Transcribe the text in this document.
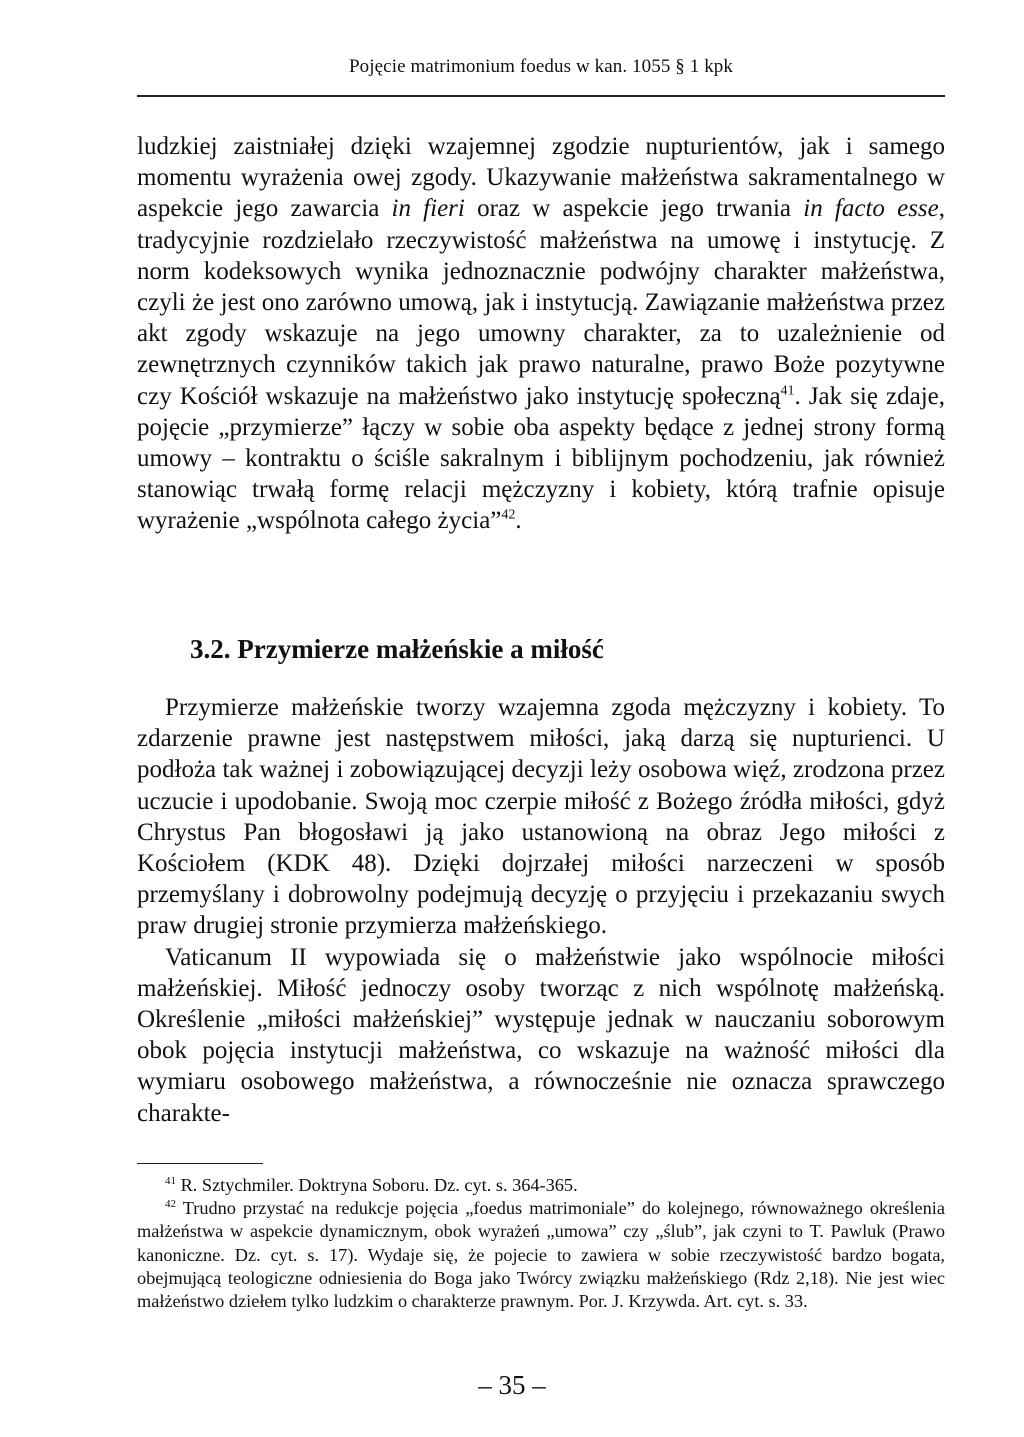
Pojęcie matrimonium foedus w kan. 1055 § 1 kpk

ludzkiej zaistniałej dzięki wzajemnej zgodzie nupturientów, jak i samego momentu wyrażenia owej zgody. Ukazywanie małżeństwa sakramentalnego w aspekcie jego zawarcia in fieri oraz w aspekcie jego trwania in facto esse, tradycyjnie rozdzielało rzeczywistość małżeństwa na umowę i instytucję. Z norm kodeksowych wynika jednoznacznie podwójny charakter małżeństwa, czyli że jest ono zarówno umową, jak i instytucją. Zawiązanie małżeństwa przez akt zgody wskazuje na jego umowny charakter, za to uzależnienie od zewnętrznych czynników takich jak prawo naturalne, prawo Boże pozytywne czy Kościół wskazuje na małżeństwo jako instytucję społeczną$^{41}$. Jak się zdaje, pojęcie „przymierze” łączy w sobie oba aspekty będące z jednej strony formą umowy – kontraktu o ściśle sakralnym i biblijnym pochodzeniu, jak również stanowiąc trwałą formę relacji mężczyzny i kobiety, którą trafnie opisuje wyrażenie „wspólnota całego życia”$^{42}$.

3.2. Przymierze małżeńskie a miłość

Przymierze małżeńskie tworzy wzajemna zgoda mężczyzny i kobiety. To zdarzenie prawne jest następstwem miłości, jaką darzą się nupturienci. U podłoża tak ważnej i zobowiązującej decyzji leży osobowa więź, zrodzona przez uczucie i upodobanie. Swoją moc czerpie miłość z Bożego źródła miłości, gdyż Chrystus Pan błogosławi ją jako ustanowioną na obraz Jego miłości z Kościołem (KDK 48). Dzięki dojrzałej miłości narzeczeni w sposób przemyślany i dobrowolny podejmują decyzję o przyjęciu i przekazaniu swych praw drugiej stronie przymierza małżeńskiego.

Vaticanum II wypowiada się o małżeństwie jako wspólnocie miłości małżeńskiej. Miłość jednoczy osoby tworząc z nich wspólnotę małżeńską. Określenie „miłości małżeńskiej” występuje jednak w nauczaniu soborowym obok pojęcia instytucji małżeństwa, co wskazuje na ważność miłości dla wymiaru osobowego małżeństwa, a równocześnie nie oznacza sprawczego charakte-

$^{41}$ R. Sztychmiler. Doktryna Soboru. Dz. cyt. s. 364-365.

$^{42}$ Trudno przystać na redukcje pojęcia „foedus matrimoniale” do kolejnego, równoważnego określenia małżeństwa w aspekcie dynamicznym, obok wyrażeń „umowa” czy „ślub”, jak czyni to T. Pawluk (Prawo kanoniczne. Dz. cyt. s. 17). Wydaje się, że pojecie to zawiera w sobie rzeczywistość bardzo bogata, obejmującą teologiczne odniesienia do Boga jako Twórcy związku małżeńskiego (Rdz 2,18). Nie jest wiec małżeństwo dziełem tylko ludzkim o charakterze prawnym. Por. J. Krzywda. Art. cyt. s. 33.

– 35 –
